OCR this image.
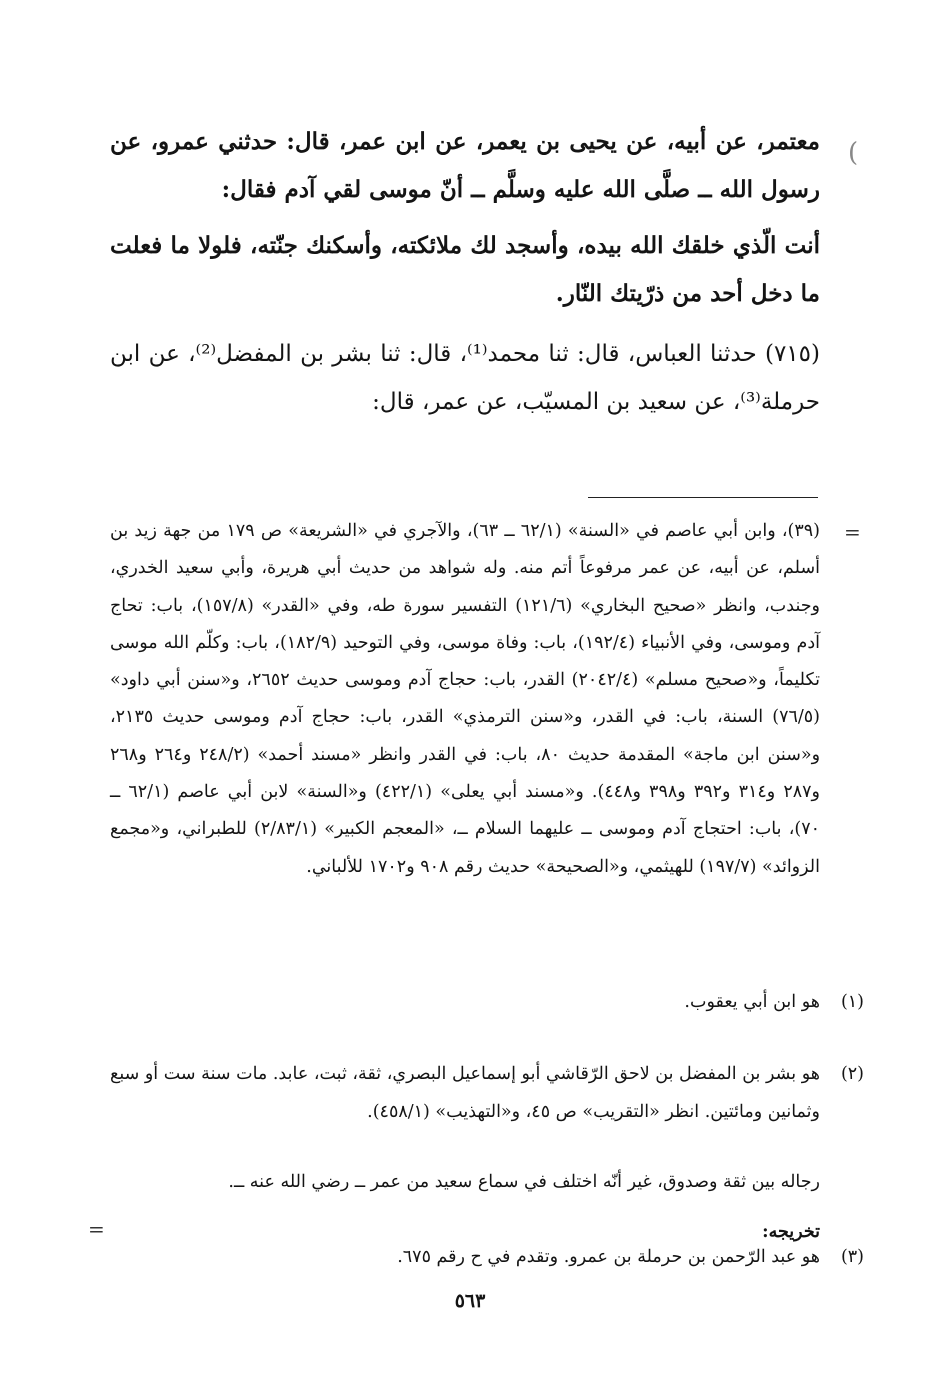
)
معتمر، عن أبيه، عن يحيى بن يعمر، عن ابن عمر، قال: حدثني عمرو، عن رسول الله ــ صلَّى الله عليه وسلَّم ــ أنّ موسى لقي آدم فقال:
أنت الّذي خلقك الله بيده، وأسجد لك ملائكته، وأسكنك جنّته، فلولا ما فعلت ما دخل أحد من ذرّيتك النّار.
(٧١٥) حدثنا العباس، قال: ثنا محمد⁽¹⁾، قال: ثنا بشر بن المفضل⁽²⁾، عن ابن حرملة⁽³⁾، عن سعيد بن المسيّب، عن عمر، قال:
=
(٣٩)، وابن أبي عاصم في «السنة» (٦٢/١ ــ ٦٣)، والآجري في «الشريعة» ص ١٧٩ من جهة زيد بن أسلم، عن أبيه، عن عمر مرفوعاً أتم منه. وله شواهد من حديث أبي هريرة، وأبي سعيد الخدري، وجندب، وانظر «صحيح البخاري» (١٢١/٦) التفسير سورة طه، وفي «القدر» (١٥٧/٨)، باب: تحاج آدم وموسى، وفي الأنبياء (١٩٢/٤)، باب: وفاة موسى، وفي التوحيد (١٨٢/٩)، باب: وكلّم الله موسى تكليماً، و«صحيح مسلم» (٢٠٤٢/٤) القدر، باب: حجاج آدم وموسى حديث ٢٦٥٢، و«سنن أبي داود» (٧٦/٥) السنة، باب: في القدر، و«سنن الترمذي» القدر، باب: حجاج آدم وموسى حديث ٢١٣٥، و«سنن ابن ماجة» المقدمة حديث ٨٠، باب: في القدر وانظر «مسند أحمد» (٢٤٨/٢ و٢٦٤ و٢٦٨ و٢٨٧ و٣١٤ و٣٩٢ و٣٩٨ و٤٤٨). و«مسند أبي يعلى» (٤٢٢/١) و«السنة» لابن أبي عاصم (٦٢/١ ــ ٧٠)، باب: احتجاج آدم وموسى ــ عليهما السلام ــ، «المعجم الكبير» (٢/٨٣/١) للطبراني، و«مجمع الزوائد» (١٩٧/٧) للهيثمي، و«الصحيحة» حديث رقم ٩٠٨ و١٧٠٢ للألباني.
(١)
هو ابن أبي يعقوب.
(٢)
هو بشر بن المفضل بن لاحق الرّقاشي أبو إسماعيل البصري، ثقة، ثبت، عابد. مات سنة ست أو سبع وثمانين ومائتين. انظر «التقريب» ص ٤٥، و«التهذيب» (٤٥٨/١).
(٣)
هو عبد الرّحمن بن حرملة بن عمرو. وتقدم في ح رقم ٦٧٥.
رجاله بين ثقة وصدوق، غير أنّه اختلف في سماع سعيد من عمر ــ رضي الله عنه ــ.
تخريجه:
=
٥٦٣
